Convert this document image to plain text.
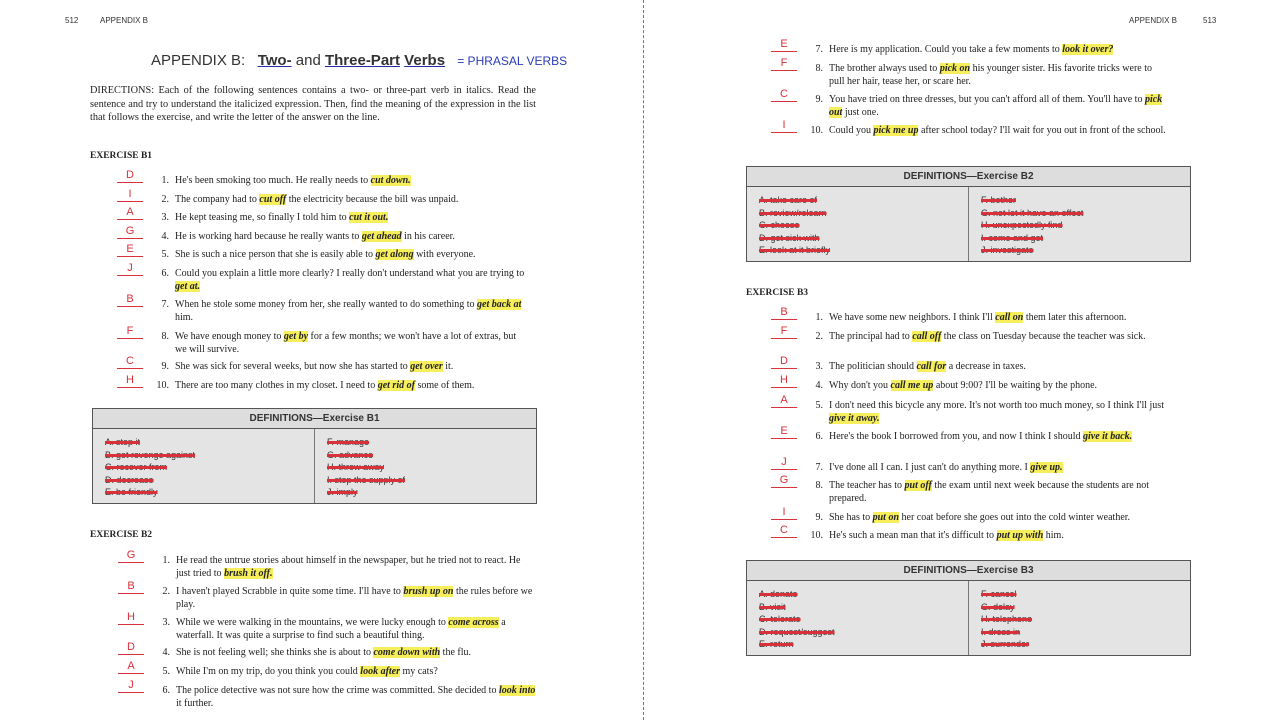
512	APPENDIX B
APPENDIX B: Two- and Three-Part Verbs = PHRASAL VERBS
DIRECTIONS: Each of the following sentences contains a two- or three-part verb in italics. Read the sentence and try to understand the italicized expression. Then, find the meaning of the expression in the list that follows the exercise, and write the letter of the answer on the line.
EXERCISE B1
DEFINITIONS—Exercise B1
A. stop it
B. get revenge against
C. recover from
D. decrease
E. be friendly
F. manage
G. advance
H. throw away
I. stop the supply of
J. imply
EXERCISE B2
D	1. He's been smoking too much. He really needs to cut down.
I	2. The company had to cut off the electricity because the bill was unpaid.
A	3. He kept teasing me, so finally I told him to cut it out.
G	4. He is working hard because he really wants to get ahead in his career.
E	5. She is such a nice person that she is easily able to get along with everyone.
J	6. Could you explain a little more clearly? I really don't understand what you are trying to get at.
B	7. When he stole some money from her, she really wanted to do something to get back at him.
F	8. We have enough money to get by for a few months; we won't have a lot of extras, but we will survive.
C	9. She was sick for several weeks, but now she has started to get over it.
H	10. There are too many clothes in my closet. I need to get rid of some of them.
G	1. He read the untrue stories about himself in the newspaper, but he tried not to react. He just tried to brush it off.
B	2. I haven't played Scrabble in quite some time. I'll have to brush up on the rules before we play.
H	3. While we were walking in the mountains, we were lucky enough to come across a waterfall. It was quite a surprise to find such a beautiful thing.
D	4. She is not feeling well; she thinks she is about to come down with the flu.
A	5. While I'm on my trip, do you think you could look after my cats?
J	6. The police detective was not sure how the crime was committed. She decided to look into it further.
APPENDIX B	513
DEFINITIONS—Exercise B2
A. take care of
B. review/relearn
C. choose
D. get sick with
E. look at it briefly
F. bother
G. not let it have an effect
H. unexpectedly find
I. come and get
J. investigate
EXERCISE B3
DEFINITIONS—Exercise B3
A. donate
B. visit
C. tolerate
D. request/suggest
E. return
F. cancel
G. delay
H. telephone
I. dress in
J. surrender
E	7. Here is my application. Could you take a few moments to look it over?
F	8. The brother always used to pick on his younger sister. His favorite tricks were to pull her hair, tease her, or scare her.
C	9. You have tried on three dresses, but you can't afford all of them. You'll have to pick out just one.
I	10. Could you pick me up after school today? I'll wait for you out in front of the school.
B	1. We have some new neighbors. I think I'll call on them later this afternoon.
F	2. The principal had to call off the class on Tuesday because the teacher was sick.
D	3. The politician should call for a decrease in taxes.
H	4. Why don't you call me up about 9:00? I'll be waiting by the phone.
A	5. I don't need this bicycle any more. It's not worth too much money, so I think I'll just give it away.
E	6. Here's the book I borrowed from you, and now I think I should give it back.
J	7. I've done all I can. I just can't do anything more. I give up.
G	8. The teacher has to put off the exam until next week because the students are not prepared.
I	9. She has to put on her coat before she goes out into the cold winter weather.
C	10. He's such a mean man that it's difficult to put up with him.
